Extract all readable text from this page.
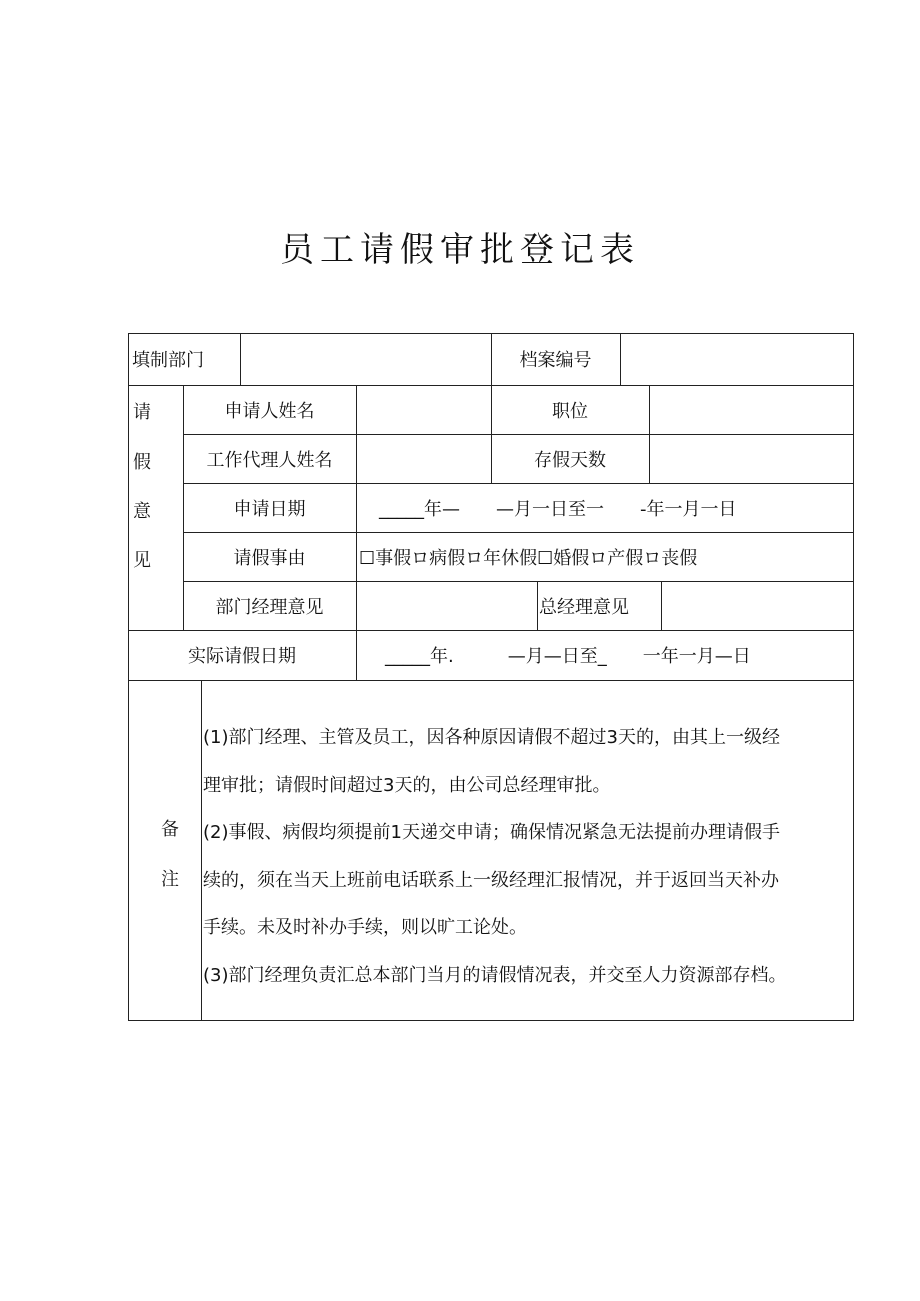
员工请假审批登记表
填制部门	档案编号
请
假
意
见
申请人姓名	职位
工作代理人姓名	存假天数
申请日期	_____年—　　—月一日至一　　-年一月一日
请假事由	☐事假ロ病假ロ年休假☐婚假ロ产假ロ丧假
部门经理意见	总经理意见
实际请假日期	_____年.　　　—月—日至_　　一年一月—日
备
注

(1)部门经理、主管及员工，因各种原因请假不超过3天的，由其上一级经

理审批；请假时间超过3天的，由公司总经理审批。

(2)事假、病假均须提前1天递交申请；确保情况紧急无法提前办理请假手

续的，须在当天上班前电话联系上一级经理汇报情况，并于返回当天补办

手续。未及时补办手续，则以旷工论处。

(3)部门经理负责汇总本部门当月的请假情况表，并交至人力资源部存档。
